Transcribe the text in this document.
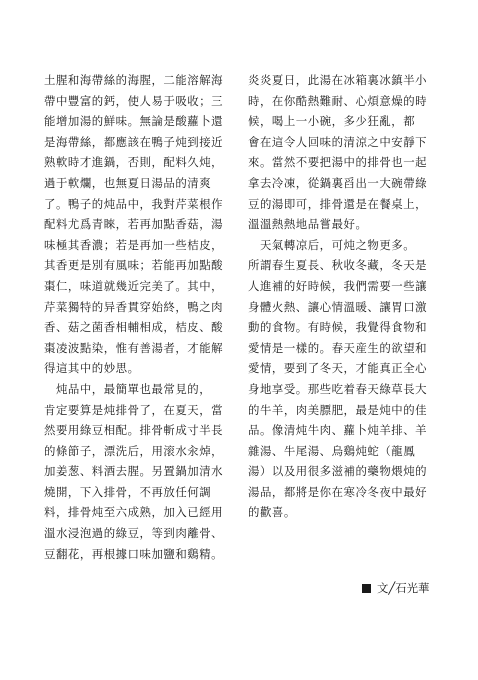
土腥和海帶絲的海腥，二能溶解海
帶中豐富的鈣，使人易于吸收；三
能增加湯的鮮味。無論是酸蘿卜還
是海帶絲，都應該在鴨子炖到接近
熟軟時才進鍋，否則，配料久炖，
過于軟爛，也無夏日湯品的清爽
了。鴨子的炖品中，我對芹菜根作
配料尤爲青睞，若再加點香菇，湯
味極其香濃；若是再加一些桔皮，
其香更是別有風味；若能再加點酸
棗仁，味道就幾近完美了。其中，
芹菜獨特的异香貫穿始終，鴨之肉
香、菇之菌香相輔相成，桔皮、酸
棗凌波點染，惟有善湯者，才能解
得這其中的妙思。
　炖品中，最簡單也最常見的，
肯定要算是炖排骨了，在夏天，當
然要用綠豆相配。排骨斬成寸半長
的條節子，漂洗后，用滚水汆焯，
加姜葱、料酒去腥。另置鍋加清水
燒開，下入排骨，不再放任何調
料，排骨炖至六成熟，加入已經用
溫水浸泡過的綠豆，等到肉離骨、
豆翻花，再根據口味加鹽和鷄精。
炎炎夏日，此湯在冰箱裏冰鎮半小
時，在你酷熱難耐、心煩意燥的時
候，喝上一小碗，多少狂亂，都
會在這令人回味的清涼之中安靜下
來。當然不要把湯中的排骨也一起
拿去冷凍，從鍋裏舀出一大碗帶綠
豆的湯即可，排骨還是在餐桌上，
溫溫熱熱地品嘗最好。
　天氣轉凉后，可炖之物更多。
所謂春生夏長、秋收冬藏，冬天是
人進補的好時候，我們需要一些讓
身體火熱、讓心情溫暖、讓胃口激
動的食物。有時候，我覺得食物和
愛情是一樣的。春天産生的欲望和
愛情，要到了冬天，才能真正全心
身地享受。那些吃着春天綠草長大
的牛羊，肉美膘肥，最是炖中的佳
品。像清炖牛肉、蘿卜炖羊排、羊
雜湯、牛尾湯、烏鷄炖蛇（龍鳳
湯）以及用很多滋補的藥物煨炖的
湯品，都將是你在寒冷冬夜中最好
的歡喜。
文╱石光華
